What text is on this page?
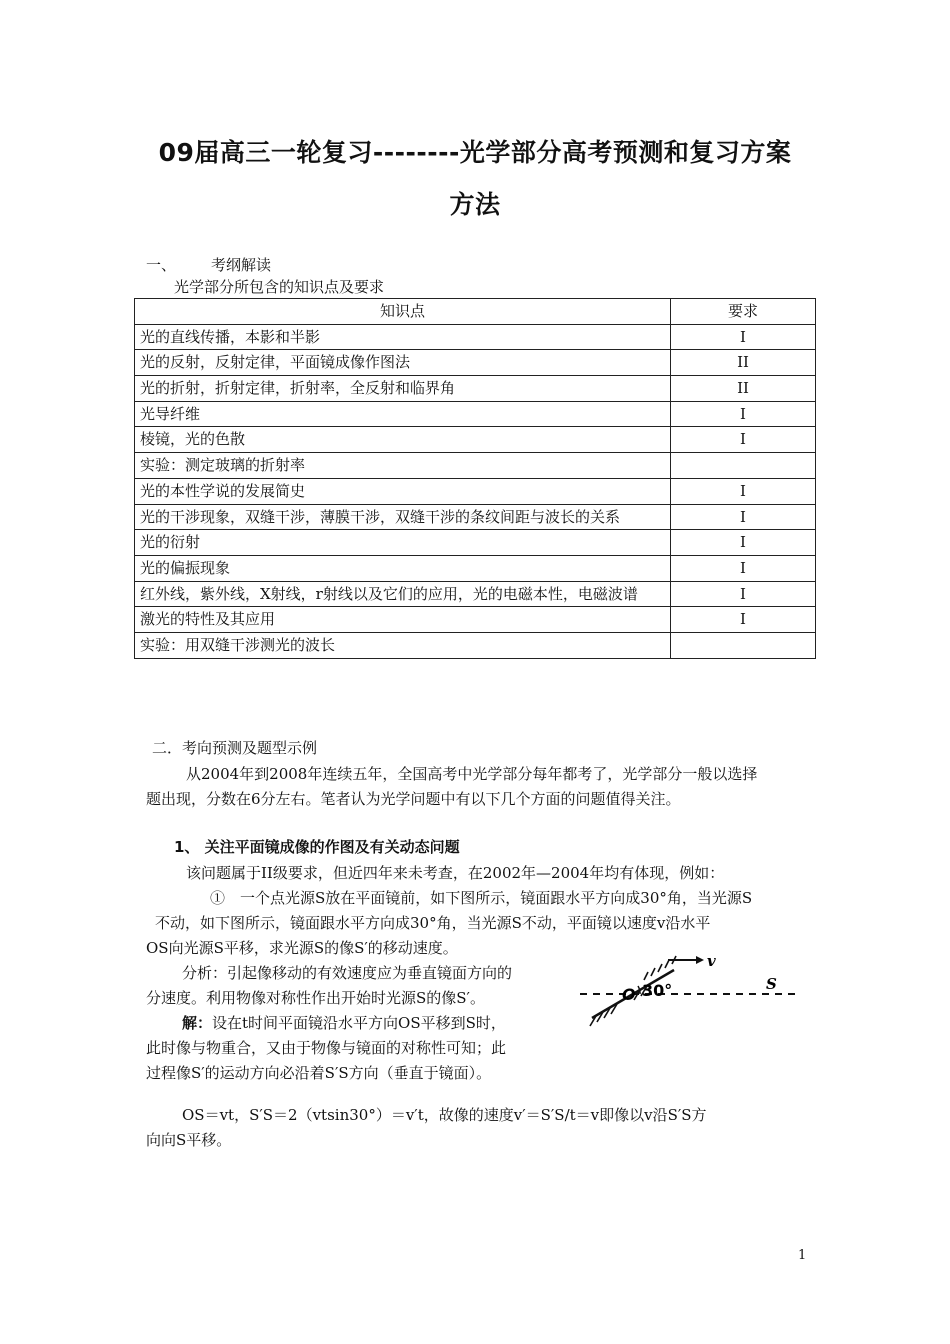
09届高三一轮复习--------光学部分高考预测和复习方案
方法
一、 考纲解读
光学部分所包含的知识点及要求
知识点	要求
光的直线传播，本影和半影	I
光的反射，反射定律，平面镜成像作图法	II
光的折射，折射定律，折射率，全反射和临界角	II
光导纤维	I
棱镜，光的色散	I
实验：测定玻璃的折射率	
光的本性学说的发展简史	I
光的干涉现象，双缝干涉，薄膜干涉，双缝干涉的条纹间距与波长的关系	I
光的衍射	I
光的偏振现象	I
红外线，紫外线，X射线，r射线以及它们的应用，光的电磁本性，电磁波谱	I
激光的特性及其应用	I
实验：用双缝干涉测光的波长	
二．考向预测及题型示例
从2004年到2008年连续五年，全国高考中光学部分每年都考了，光学部分一般以选择
题出现，分数在6分左右。笔者认为光学问题中有以下几个方面的问题值得关注。
1、 关注平面镜成像的作图及有关动态问题
该问题属于II级要求，但近四年来未考查，在2002年—2004年均有体现，例如：
①　一个点光源S放在平面镜前，如下图所示，镜面跟水平方向成30°角，当光源S
不动，如下图所示，镜面跟水平方向成30°角，当光源S不动，平面镜以速度v沿水平
OS向光源S平移，求光源S的像S′的移动速度。
分析：引起像移动的有效速度应为垂直镜面方向的
分速度。利用物像对称性作出开始时光源S的像S′。
解：设在t时间平面镜沿水平方向OS平移到S时，
此时像与物重合，又由于物像与镜面的对称性可知；此
过程像S′的运动方向必沿着S′S方向（垂直于镜面）。
v
O 30°	S
OS＝vt，S′S＝2（vtsin30°）＝v′t，故像的速度v′＝S′S/t＝v即像以v沿S′S方
向向S平移。
1
